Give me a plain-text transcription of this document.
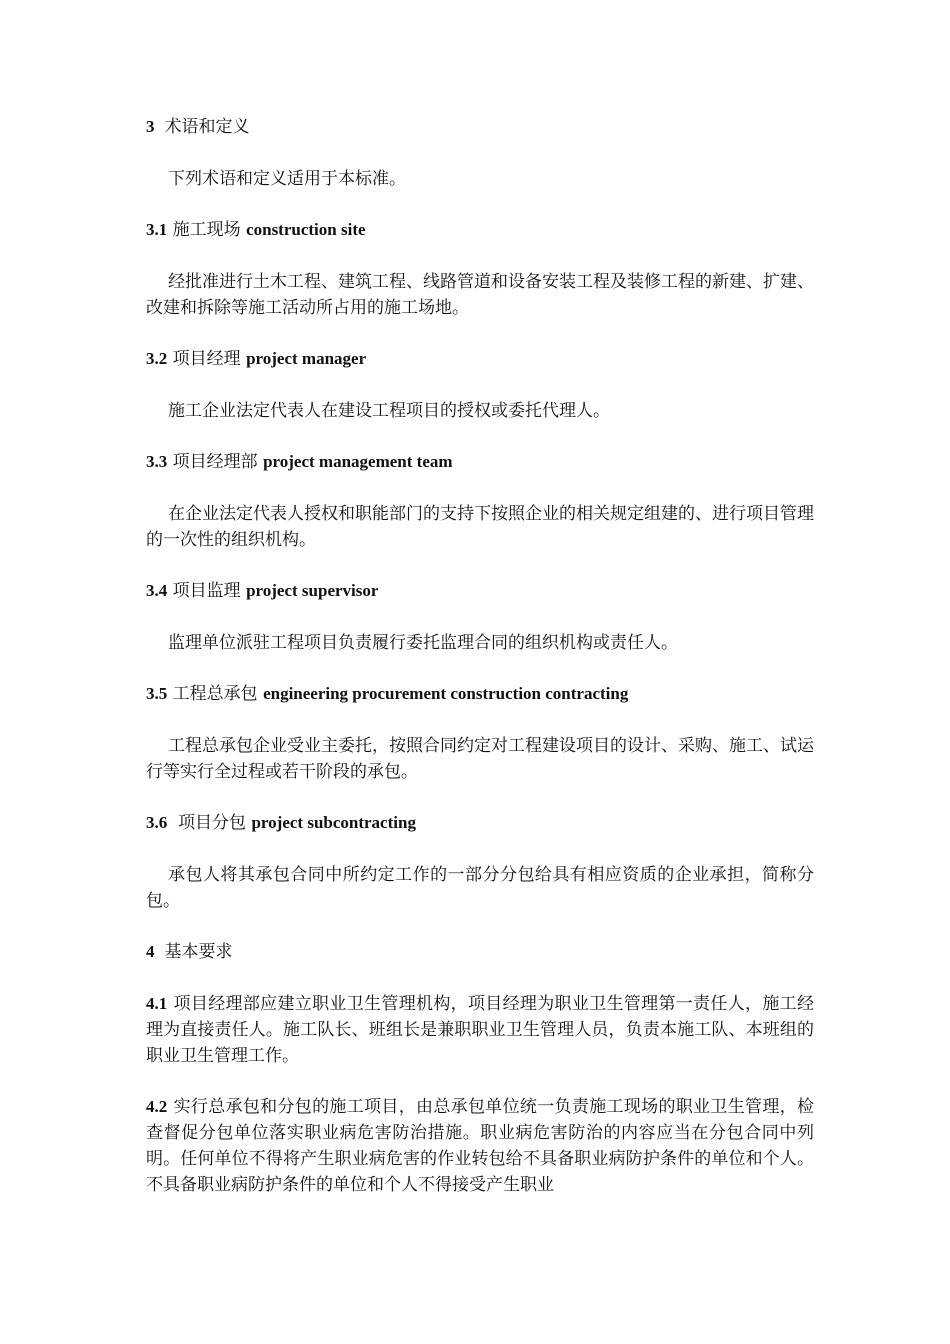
3 术语和定义

下列术语和定义适用于本标准。

3.1 施工现场 construction site

经批准进行土木工程、建筑工程、线路管道和设备安装工程及装修工程的新建、扩建、改建和拆除等施工活动所占用的施工场地。

3.2 项目经理 project manager

施工企业法定代表人在建设工程项目的授权或委托代理人。

3.3 项目经理部 project management team

在企业法定代表人授权和职能部门的支持下按照企业的相关规定组建的、进行项目管理的一次性的组织机构。

3.4 项目监理 project supervisor

监理单位派驻工程项目负责履行委托监理合同的组织机构或责任人。

3.5 工程总承包 engineering procurement construction contracting

工程总承包企业受业主委托，按照合同约定对工程建设项目的设计、采购、施工、试运行等实行全过程或若干阶段的承包。

3.6 项目分包 project subcontracting

承包人将其承包合同中所约定工作的一部分分包给具有相应资质的企业承担，简称分包。

4 基本要求

4.1 项目经理部应建立职业卫生管理机构，项目经理为职业卫生管理第一责任人，施工经理为直接责任人。施工队长、班组长是兼职职业卫生管理人员，负责本施工队、本班组的职业卫生管理工作。

4.2 实行总承包和分包的施工项目，由总承包单位统一负责施工现场的职业卫生管理，检查督促分包单位落实职业病危害防治措施。职业病危害防治的内容应当在分包合同中列明。任何单位不得将产生职业病危害的作业转包给不具备职业病防护条件的单位和个人。不具备职业病防护条件的单位和个人不得接受产生职业
